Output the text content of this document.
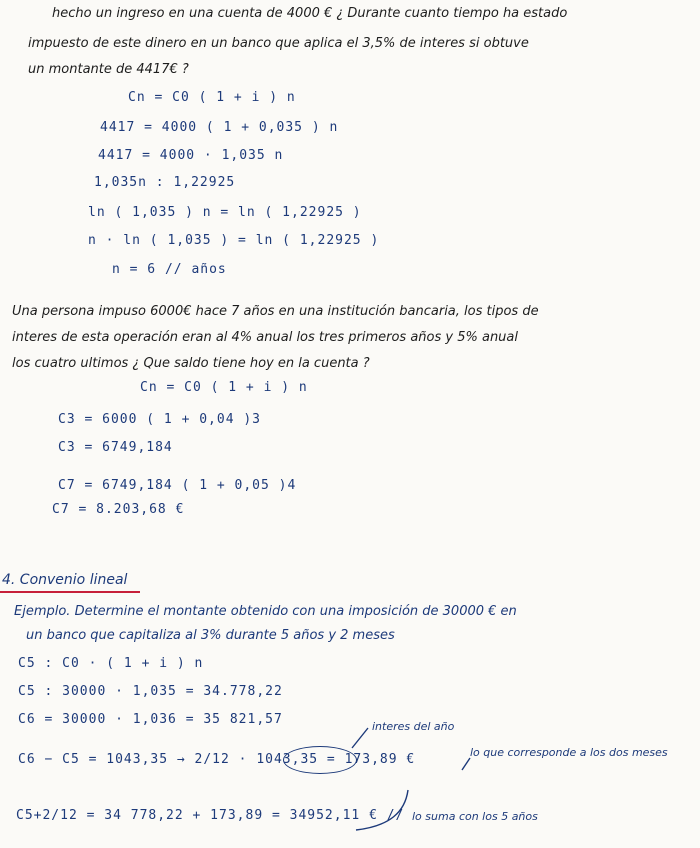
hecho un ingreso en una cuenta de 4000 € ¿ Durante cuanto tiempo ha estado
impuesto de este dinero en un banco que aplica el 3,5% de interes si obtuve
un montante de 4417€ ?
Cn = C0 ( 1 + i ) n
4417 = 4000 ( 1 + 0,035 ) n
4417 = 4000 · 1,035 n
1,035n : 1,22925
ln ( 1,035 ) n = ln ( 1,22925 )
n · ln ( 1,035 ) = ln ( 1,22925 )
n = 6 // años
Una persona impuso 6000€ hace 7 años en una institución bancaria, los tipos de
interes de esta operación eran al 4% anual los tres primeros años y 5% anual
los cuatro ultimos ¿ Que saldo tiene hoy en la cuenta ?
Cn = C0 ( 1 + i ) n
C3 = 6000 ( 1 + 0,04 )3
C3 = 6749,184
C7 = 6749,184 ( 1 + 0,05 )4
C7 = 8.203,68 €
4. Convenio lineal
Ejemplo. Determine el montante obtenido con una imposición de 30000 € en
un banco que capitaliza al 3% durante 5 años y 2 meses
C5 : C0 · ( 1 + i ) n
C5 : 30000 · 1,035 = 34.778,22
C6 = 30000 · 1,036 = 35 821,57
C6 − C5 = 1043,35 → 2/12 · 1043,35 = 173,89 €
C5+2/12 = 34 778,22 + 173,89 = 34952,11 € //
interes del año
lo que corresponde a los dos meses
lo suma con los 5 años
